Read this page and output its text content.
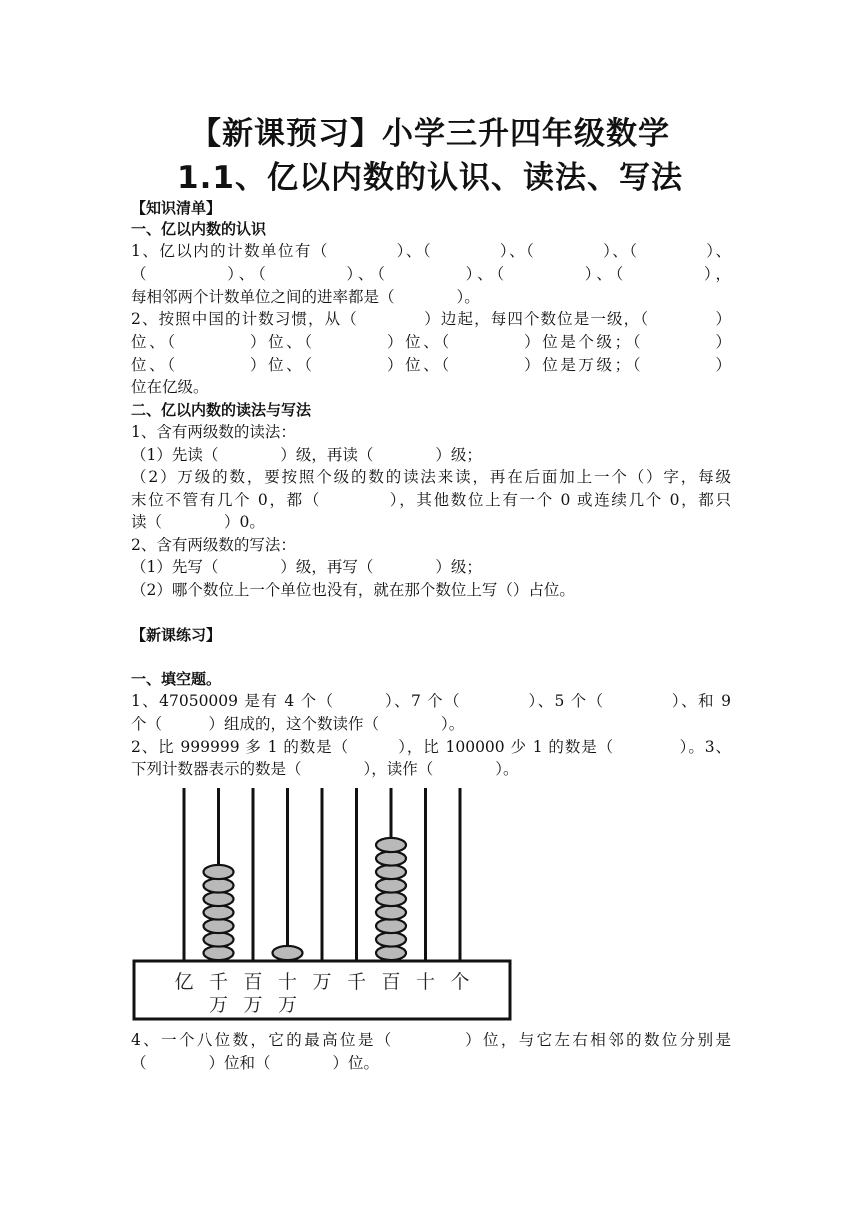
【新课预习】小学三升四年级数学
1.1、亿以内数的认识、读法、写法
【知识清单】
一、亿以内数的认识
1、亿以内的计数单位有（　　　　）、（　　　　）、（　　　　）、（　　　　）、
（　　　　）、（　　　　）、（　　　　）、（　　　　）、（　　　　），
每相邻两个计数单位之间的进率都是（　　　　）。
2、按照中国的计数习惯，从（　　　　）边起，每四个数位是一级，（　　　　）
位、（　　　　）位、（　　　　）位、（　　　　）位是个级；（　　　　）
位、（　　　　）位、（　　　　）位、（　　　　）位是万级；（　　　　）
位在亿级。
二、亿以内数的读法与写法
1、含有两级数的读法：
（1）先读（　　　　）级，再读（　　　　）级；
（2）万级的数，要按照个级的数的读法来读，再在后面加上一个（）字，每级
末位不管有几个 0，都（　　　　），其他数位上有一个 0 或连续几个 0，都只
读（　　　　）0。
2、含有两级数的写法：
（1）先写（　　　　）级，再写（　　　　）级；
（2）哪个数位上一个单位也没有，就在那个数位上写（）占位。
【新课练习】
一、填空题。
1、47050009 是有 4 个（　　　）、7 个（　　　　）、5 个（　　　　）、和 9
个（　　　）组成的，这个数读作（　　　　）。
2、比 999999 多 1 的数是（　　　），比 100000 少 1 的数是（　　　　）。3、
下列计数器表示的数是（　　　　），读作（　　　　）。
亿 千
万
百
万
十
万
万 千 百 十 个
4、一个八位数，它的最高位是（　　　　）位，与它左右相邻的数位分别是
（　　　　）位和（　　　　）位。
